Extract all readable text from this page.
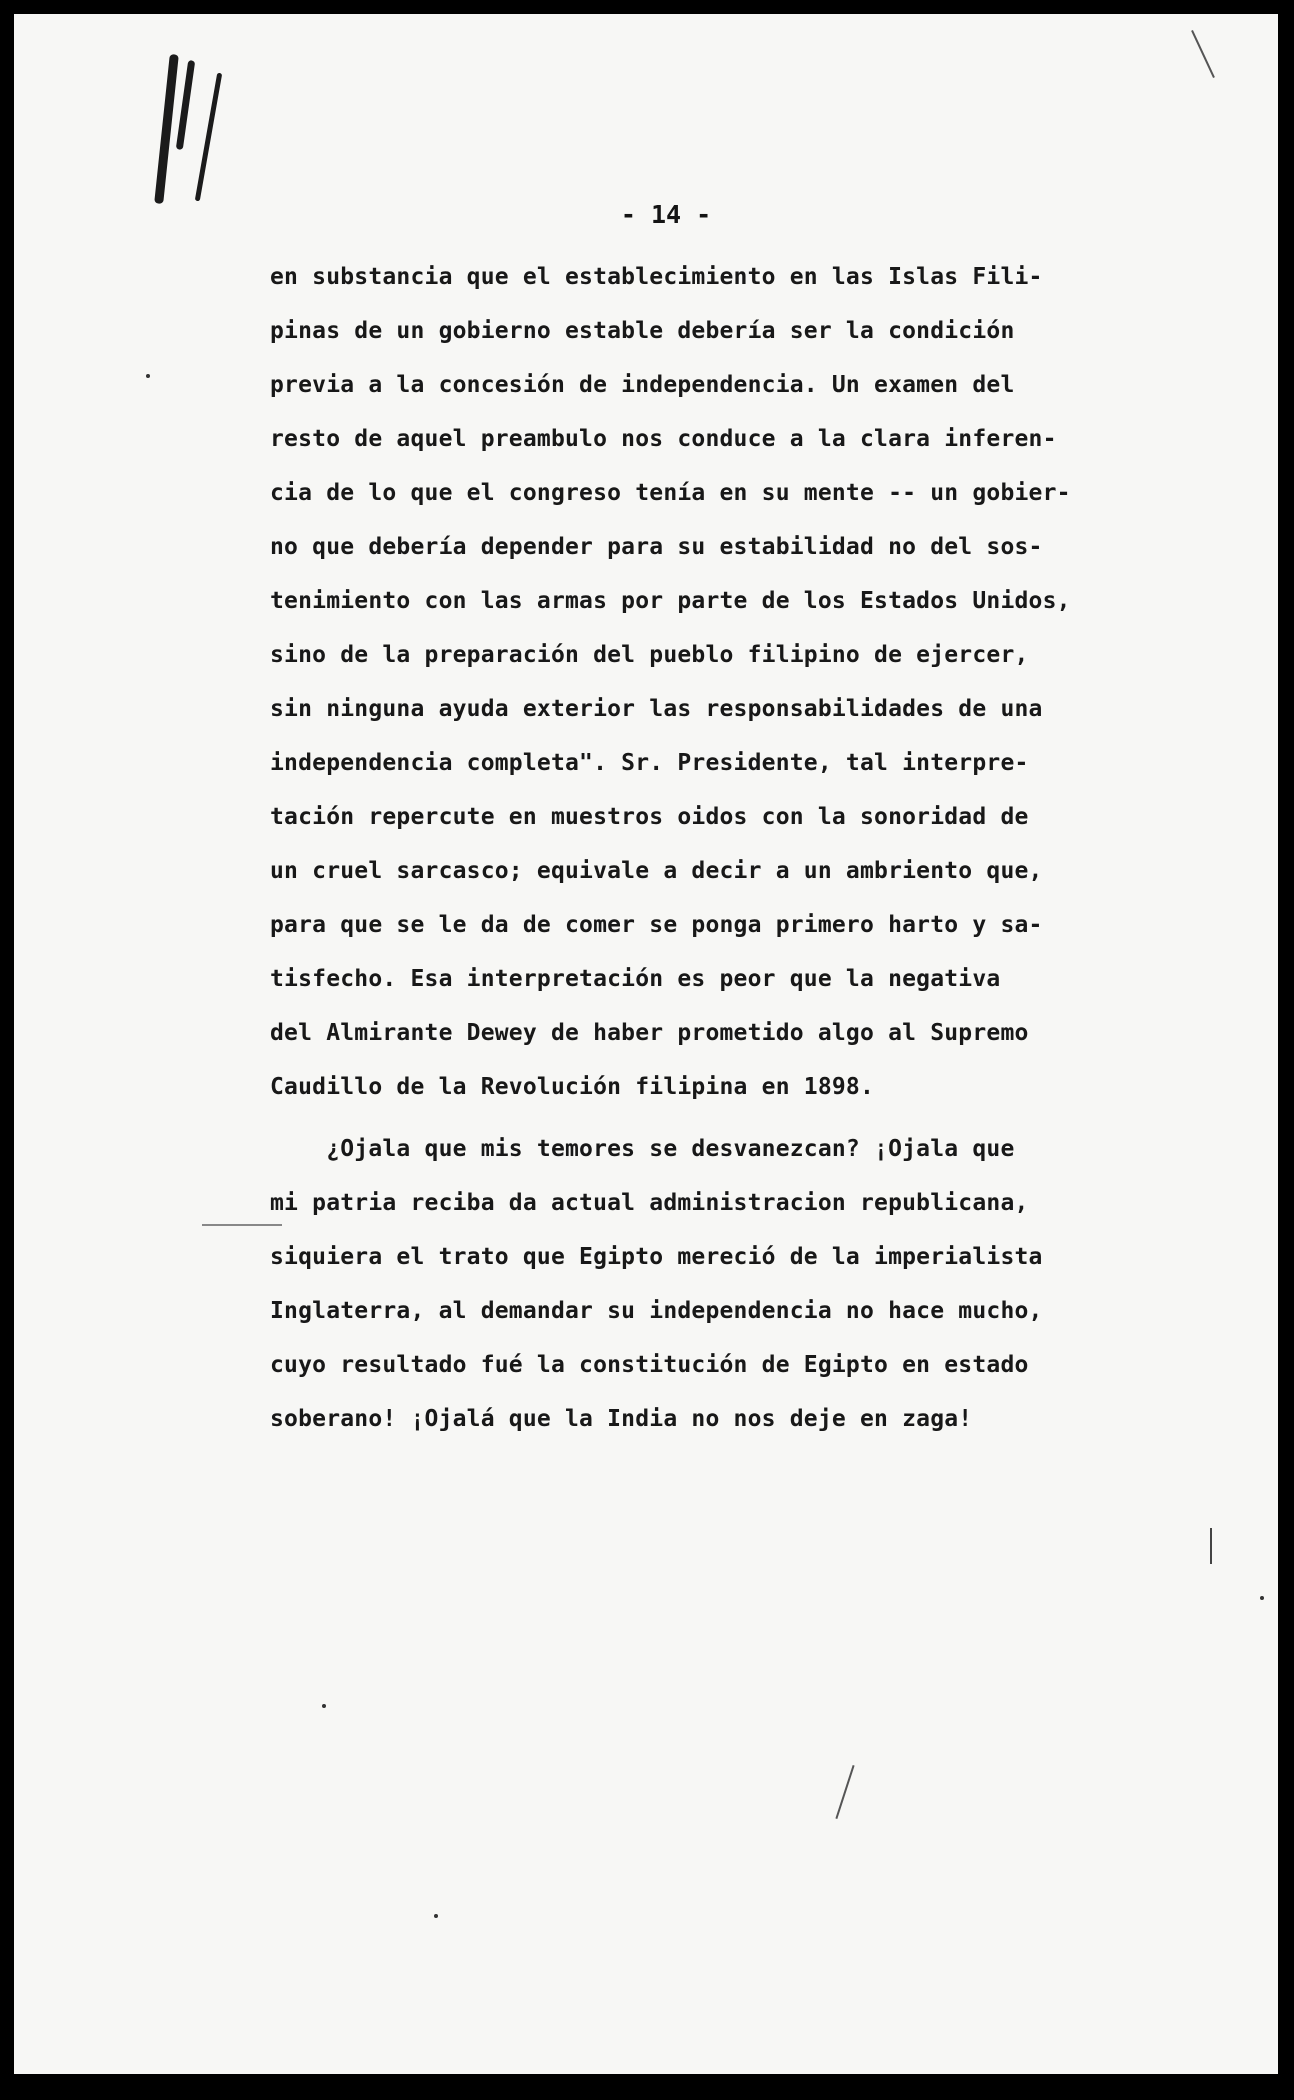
- 14 -
en substancia que el establecimiento en las Islas Fili-
pinas de un gobierno estable debería ser la condición
previa a la concesión de independencia. Un examen del
resto de aquel preambulo nos conduce a la clara inferen-
cia de lo que el congreso tenía en su mente -- un gobier-
no que debería depender para su estabilidad no del sos-
tenimiento con las armas por parte de los Estados Unidos,
sino de la preparación del pueblo filipino de ejercer,
sin ninguna ayuda exterior las responsabilidades de una
independencia completa". Sr. Presidente, tal interpre-
tación repercute en muestros oidos con la sonoridad de
un cruel sarcasco; equivale a decir a un ambriento que,
para que se le da de comer se ponga primero harto y sa-
tisfecho. Esa interpretación es peor que la negativa
del Almirante Dewey de haber prometido algo al Supremo
Caudillo de la Revolución filipina en 1898.
¿Ojala que mis temores se desvanezcan? ¡Ojala que
mi patria reciba da actual administracion republicana,
siquiera el trato que Egipto mereció de la imperialista
Inglaterra, al demandar su independencia no hace mucho,
cuyo resultado fué la constitución de Egipto en estado
soberano! ¡Ojalá que la India no nos deje en zaga!
